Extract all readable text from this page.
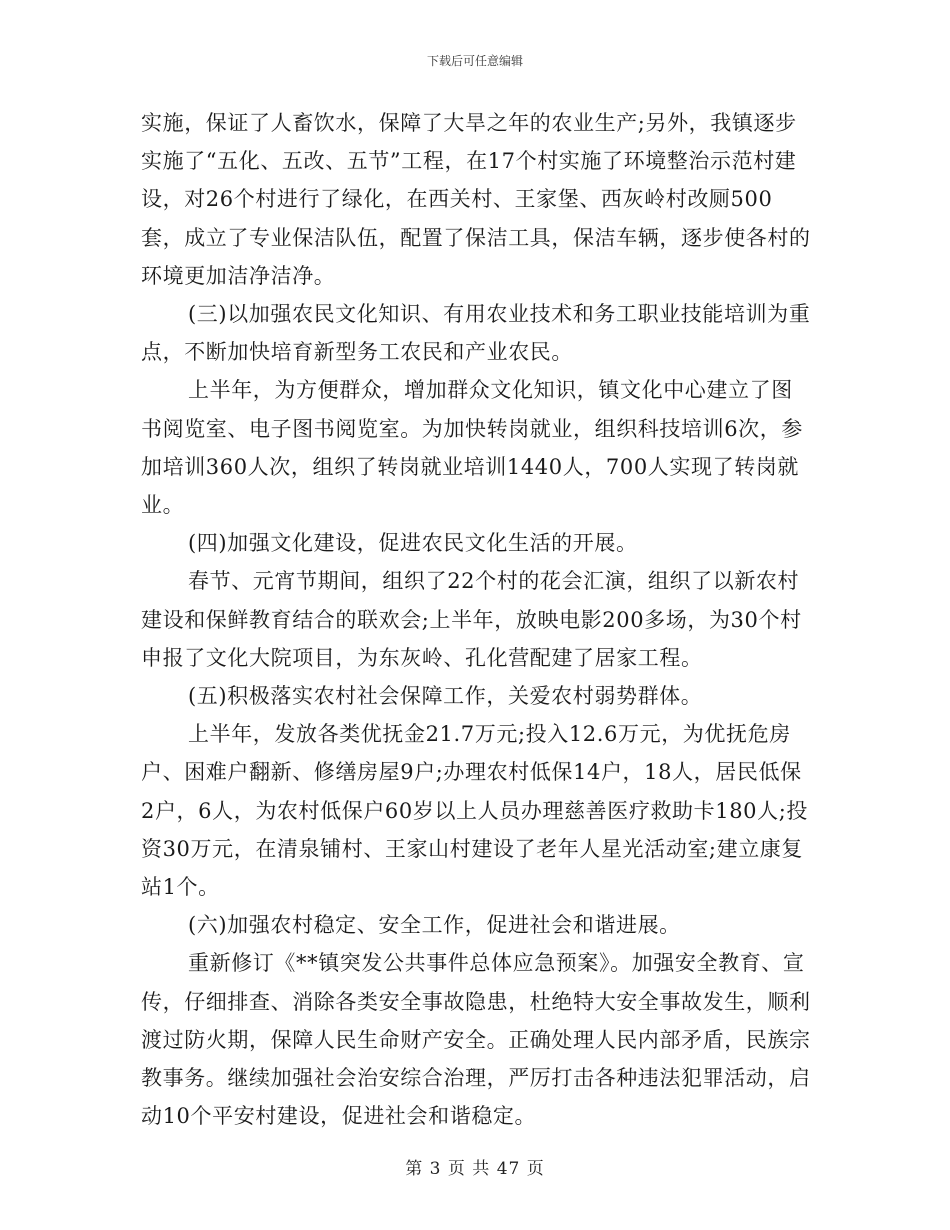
下载后可任意编辑

实施，保证了人畜饮水，保障了大旱之年的农业生产;另外，我镇逐步实施了“五化、五改、五节”工程，在17个村实施了环境整治示范村建设，对26个村进行了绿化，在西关村、王家堡、西灰岭村改厕500套，成立了专业保洁队伍，配置了保洁工具，保洁车辆，逐步使各村的环境更加洁净洁净。

(三)以加强农民文化知识、有用农业技术和务工职业技能培训为重点，不断加快培育新型务工农民和产业农民。

上半年，为方便群众，增加群众文化知识，镇文化中心建立了图书阅览室、电子图书阅览室。为加快转岗就业，组织科技培训6次，参加培训360人次，组织了转岗就业培训1440人，700人实现了转岗就业。

(四)加强文化建设，促进农民文化生活的开展。

春节、元宵节期间，组织了22个村的花会汇演，组织了以新农村建设和保鲜教育结合的联欢会;上半年，放映电影200多场，为30个村申报了文化大院项目，为东灰岭、孔化营配建了居家工程。

(五)积极落实农村社会保障工作，关爱农村弱势群体。

上半年，发放各类优抚金21.7万元;投入12.6万元，为优抚危房户、困难户翻新、修缮房屋9户;办理农村低保14户，18人，居民低保2户，6人，为农村低保户60岁以上人员办理慈善医疗救助卡180人;投资30万元，在清泉铺村、王家山村建设了老年人星光活动室;建立康复站1个。

(六)加强农村稳定、安全工作，促进社会和谐进展。

重新修订《**镇突发公共事件总体应急预案》。加强安全教育、宣传，仔细排查、消除各类安全事故隐患，杜绝特大安全事故发生，顺利渡过防火期，保障人民生命财产安全。正确处理人民内部矛盾，民族宗教事务。继续加强社会治安综合治理，严厉打击各种违法犯罪活动，启动10个平安村建设，促进社会和谐稳定。

第 3 页 共 47 页
